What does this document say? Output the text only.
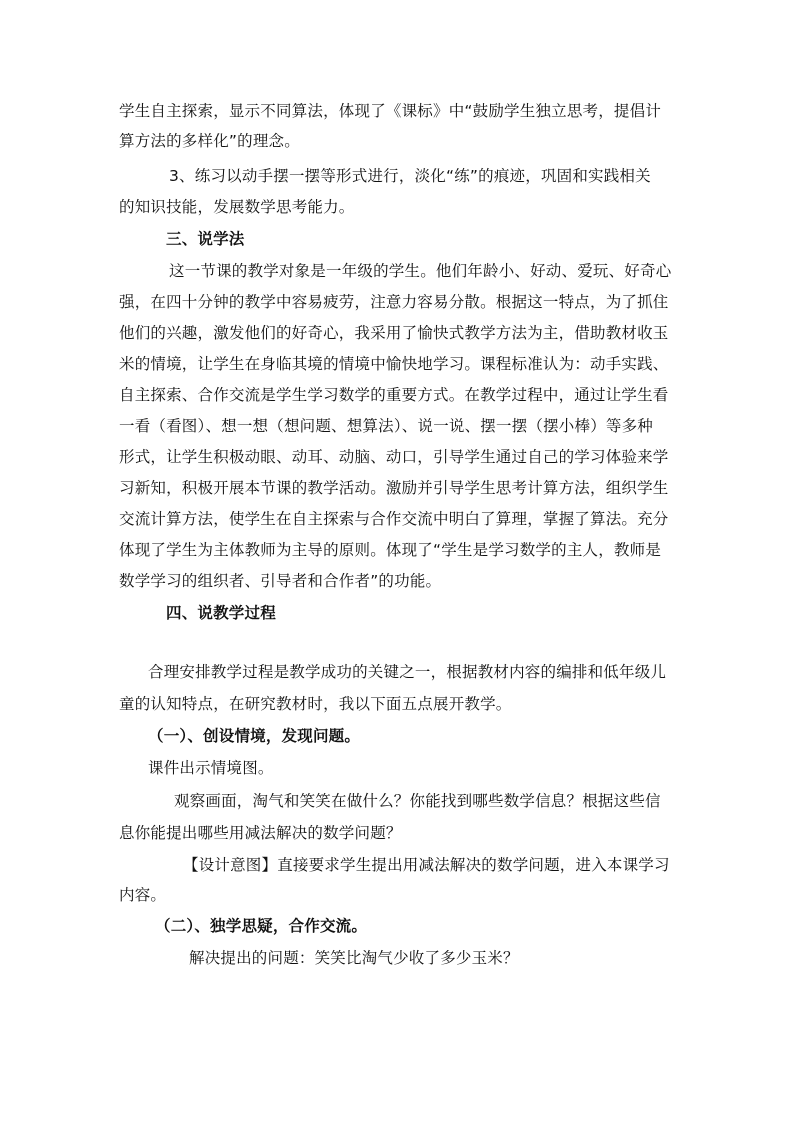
学生自主探索，显示不同算法，体现了《课标》中“鼓励学生独立思考，提倡计
算方法的多样化”的理念。
3、练习以动手摆一摆等形式进行，淡化“练”的痕迹，巩固和实践相关
的知识技能，发展数学思考能力。
三、说学法
这一节课的教学对象是一年级的学生。他们年龄小、好动、爱玩、好奇心
强，在四十分钟的教学中容易疲劳，注意力容易分散。根据这一特点，为了抓住
他们的兴趣，激发他们的好奇心，我采用了愉快式教学方法为主，借助教材收玉
米的情境，让学生在身临其境的情境中愉快地学习。课程标准认为：动手实践、
自主探索、合作交流是学生学习数学的重要方式。在教学过程中，通过让学生看
一看（看图）、想一想（想问题、想算法）、说一说、摆一摆（摆小棒）等多种
形式，让学生积极动眼、动耳、动脑、动口，引导学生通过自己的学习体验来学
习新知，积极开展本节课的教学活动。激励并引导学生思考计算方法，组织学生
交流计算方法，使学生在自主探索与合作交流中明白了算理，掌握了算法。充分
体现了学生为主体教师为主导的原则。体现了“学生是学习数学的主人，教师是
数学学习的组织者、引导者和合作者”的功能。
四、说教学过程
合理安排教学过程是教学成功的关键之一，根据教材内容的编排和低年级儿
童的认知特点，在研究教材时，我以下面五点展开教学。
（一）、创设情境，发现问题。
课件出示情境图。
观察画面，淘气和笑笑在做什么？你能找到哪些数学信息？根据这些信
息你能提出哪些用减法解决的数学问题？
【设计意图】直接要求学生提出用减法解决的数学问题，进入本课学习
内容。
（二）、独学思疑，合作交流。
解决提出的问题：笑笑比淘气少收了多少玉米？
